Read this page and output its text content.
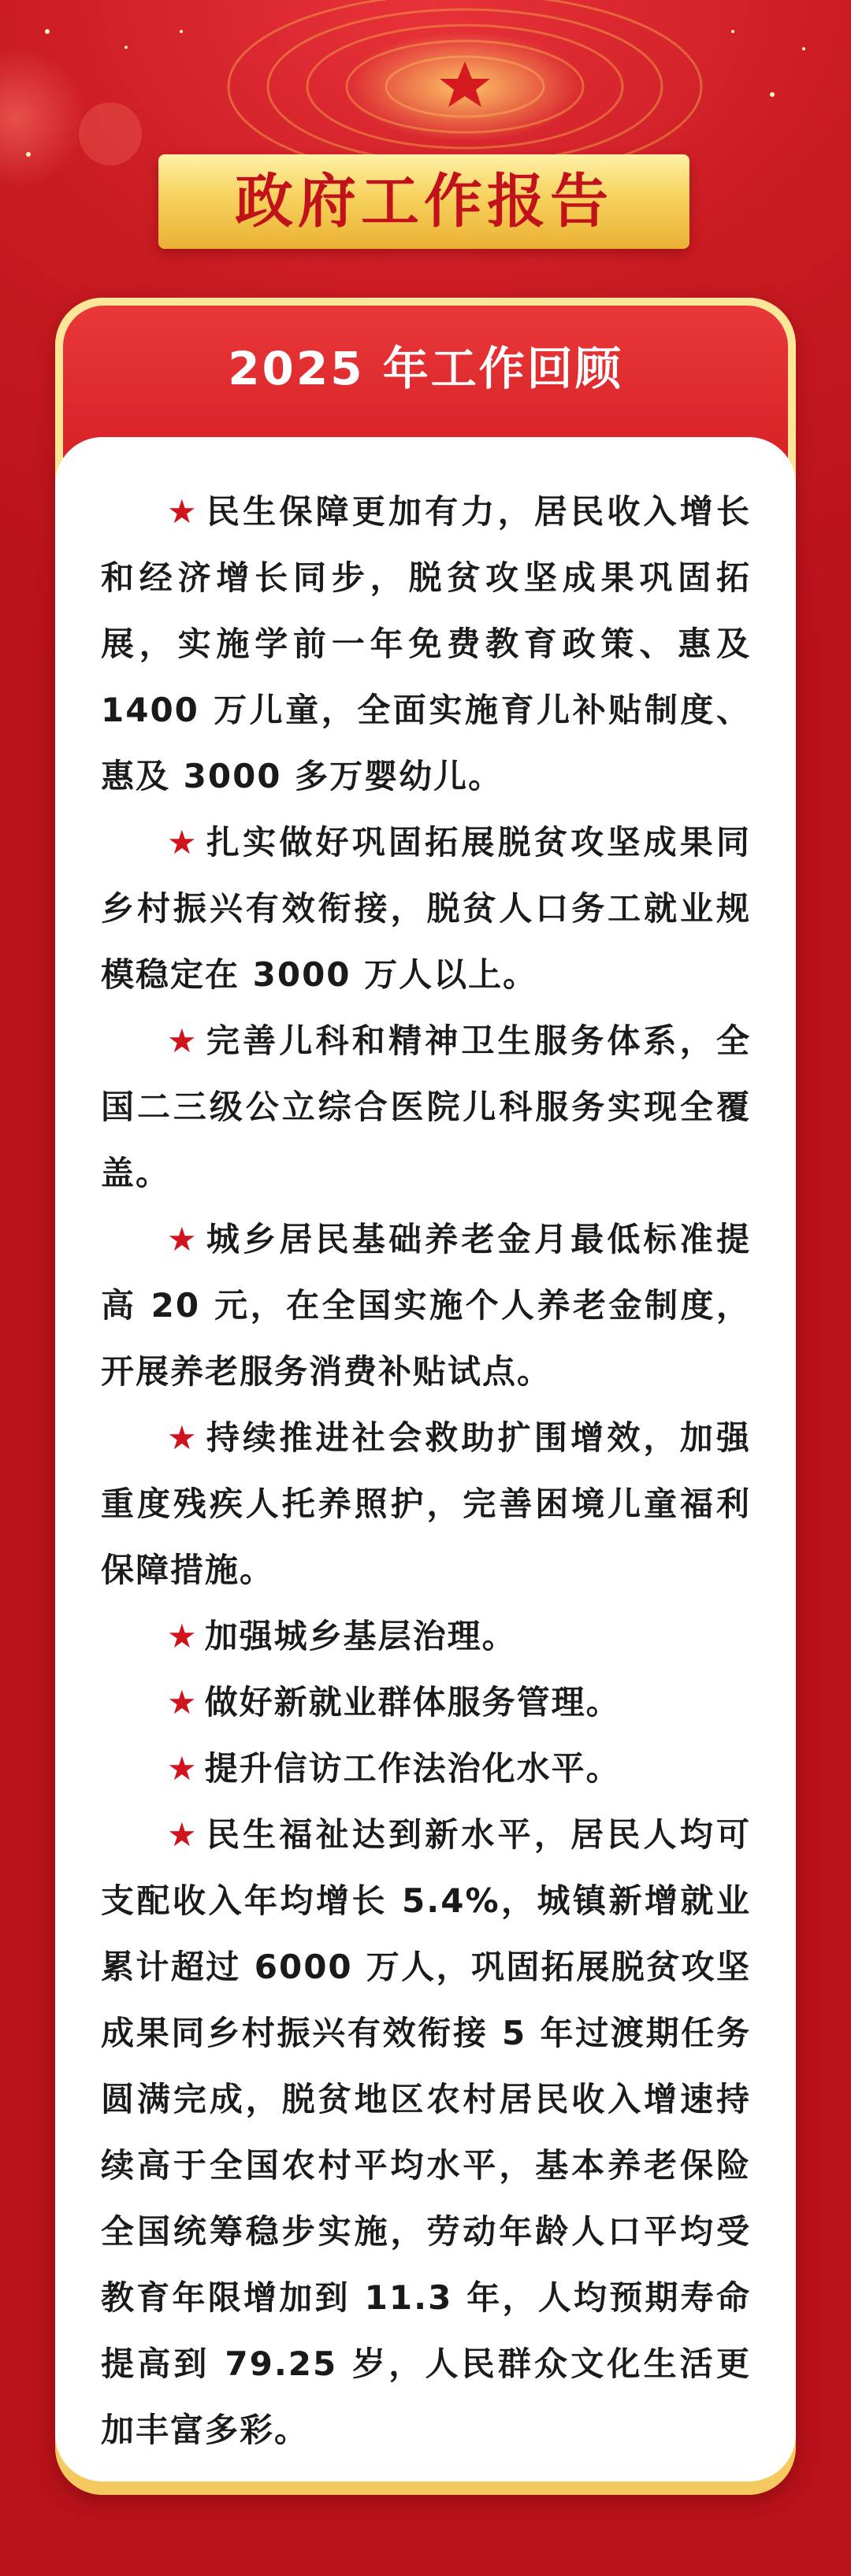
政府工作报告
2025 年工作回顾

★ 民生保障更加有力，居民收入增长和经济增长同步，脱贫攻坚成果巩固拓展，实施学前一年免费教育政策、惠及 1400 万儿童，全面实施育儿补贴制度、惠及 3000 多万婴幼儿。

★ 扎实做好巩固拓展脱贫攻坚成果同乡村振兴有效衔接，脱贫人口务工就业规模稳定在 3000 万人以上。

★ 完善儿科和精神卫生服务体系，全国二三级公立综合医院儿科服务实现全覆盖。

★ 城乡居民基础养老金月最低标准提高 20 元，在全国实施个人养老金制度，开展养老服务消费补贴试点。

★ 持续推进社会救助扩围增效，加强重度残疾人托养照护，完善困境儿童福利保障措施。

★ 加强城乡基层治理。

★ 做好新就业群体服务管理。

★ 提升信访工作法治化水平。

★ 民生福祉达到新水平，居民人均可支配收入年均增长 5.4%，城镇新增就业累计超过 6000 万人，巩固拓展脱贫攻坚成果同乡村振兴有效衔接 5 年过渡期任务圆满完成，脱贫地区农村居民收入增速持续高于全国农村平均水平，基本养老保险全国统筹稳步实施，劳动年龄人口平均受教育年限增加到 11.3 年，人均预期寿命提高到 79.25 岁，人民群众文化生活更加丰富多彩。
